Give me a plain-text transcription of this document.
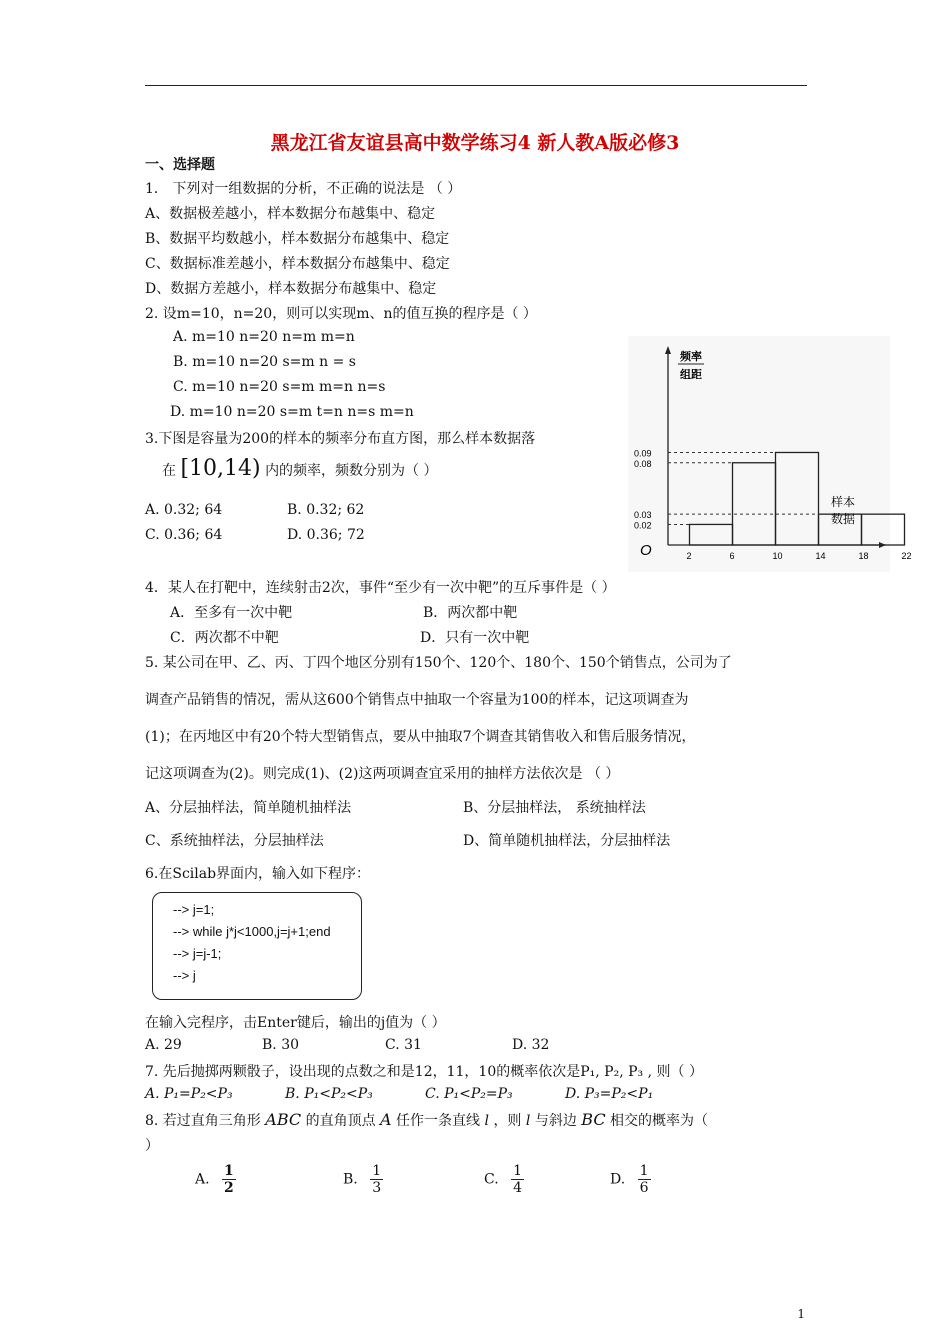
黑龙江省友谊县高中数学练习4 新人教A版必修3
一、选择题
1． 下列对一组数据的分析，不正确的说法是 （ ）
A、数据极差越小，样本数据分布越集中、稳定
B、数据平均数越小，样本数据分布越集中、稳定
C、数据标准差越小，样本数据分布越集中、稳定
D、数据方差越小，样本数据分布越集中、稳定
2. 设m=10，n=20，则可以实现m、n的值互换的程序是（ ）
A. m=10 n=20 n=m m=n
B. m=10 n=20 s=m n = s
C. m=10 n=20 s=m m=n n=s
D. m=10 n=20 s=m t=n n=s m=n
3.下图是容量为200的样本的频率分布直方图，那么样本数据落
在 [10,14) 内的频率，频数分别为（ ）
A. 0.32; 64	B. 0.32; 62
C. 0.36; 64	D. 0.36; 72
0.09
0.08
0.03
0.02
2	6	10	14	18	22
频率
组距
样本
数据
O
4．某人在打靶中，连续射击2次，事件“至少有一次中靶”的互斥事件是（ ）
A．至多有一次中靶	B．两次都中靶
C．两次都不中靶	D．只有一次中靶
5. 某公司在甲、乙、丙、丁四个地区分别有150个、120个、180个、150个销售点，公司为了
调查产品销售的情况，需从这600个销售点中抽取一个容量为100的样本，记这项调查为
(1)；在丙地区中有20个特大型销售点，要从中抽取7个调查其销售收入和售后服务情况，
记这项调查为(2)。则完成(1)、(2)这两项调查宜采用的抽样方法依次是 （ ）
A、分层抽样法，简单随机抽样法	B、分层抽样法， 系统抽样法
C、系统抽样法，分层抽样法	D、简单随机抽样法，分层抽样法
6.在Scilab界面内，输入如下程序：
--> j=1;
--> while j*j<1000,j=j+1;end
--> j=j-1;
--> j
在输入完程序，击Enter键后，输出的j值为（ ）
A. 29	B. 30	C. 31	D. 32
7. 先后抛掷两颗骰子，设出现的点数之和是12，11，10的概率依次是P₁, P₂, P₃ , 则（ ）
A. P₁=P₂<P₃	B. P₁<P₂<P₃	C. P₁<P₂=P₃	D. P₃=P₂<P₁
8. 若过直角三角形 ABC 的直角顶点 A 任作一条直线 l ，则 l 与斜边 BC 相交的概率为（
）
A. $\frac{1}{2}$	B. $\frac{1}{3}$	C. $\frac{1}{4}$	D. $\frac{1}{6}$
1
